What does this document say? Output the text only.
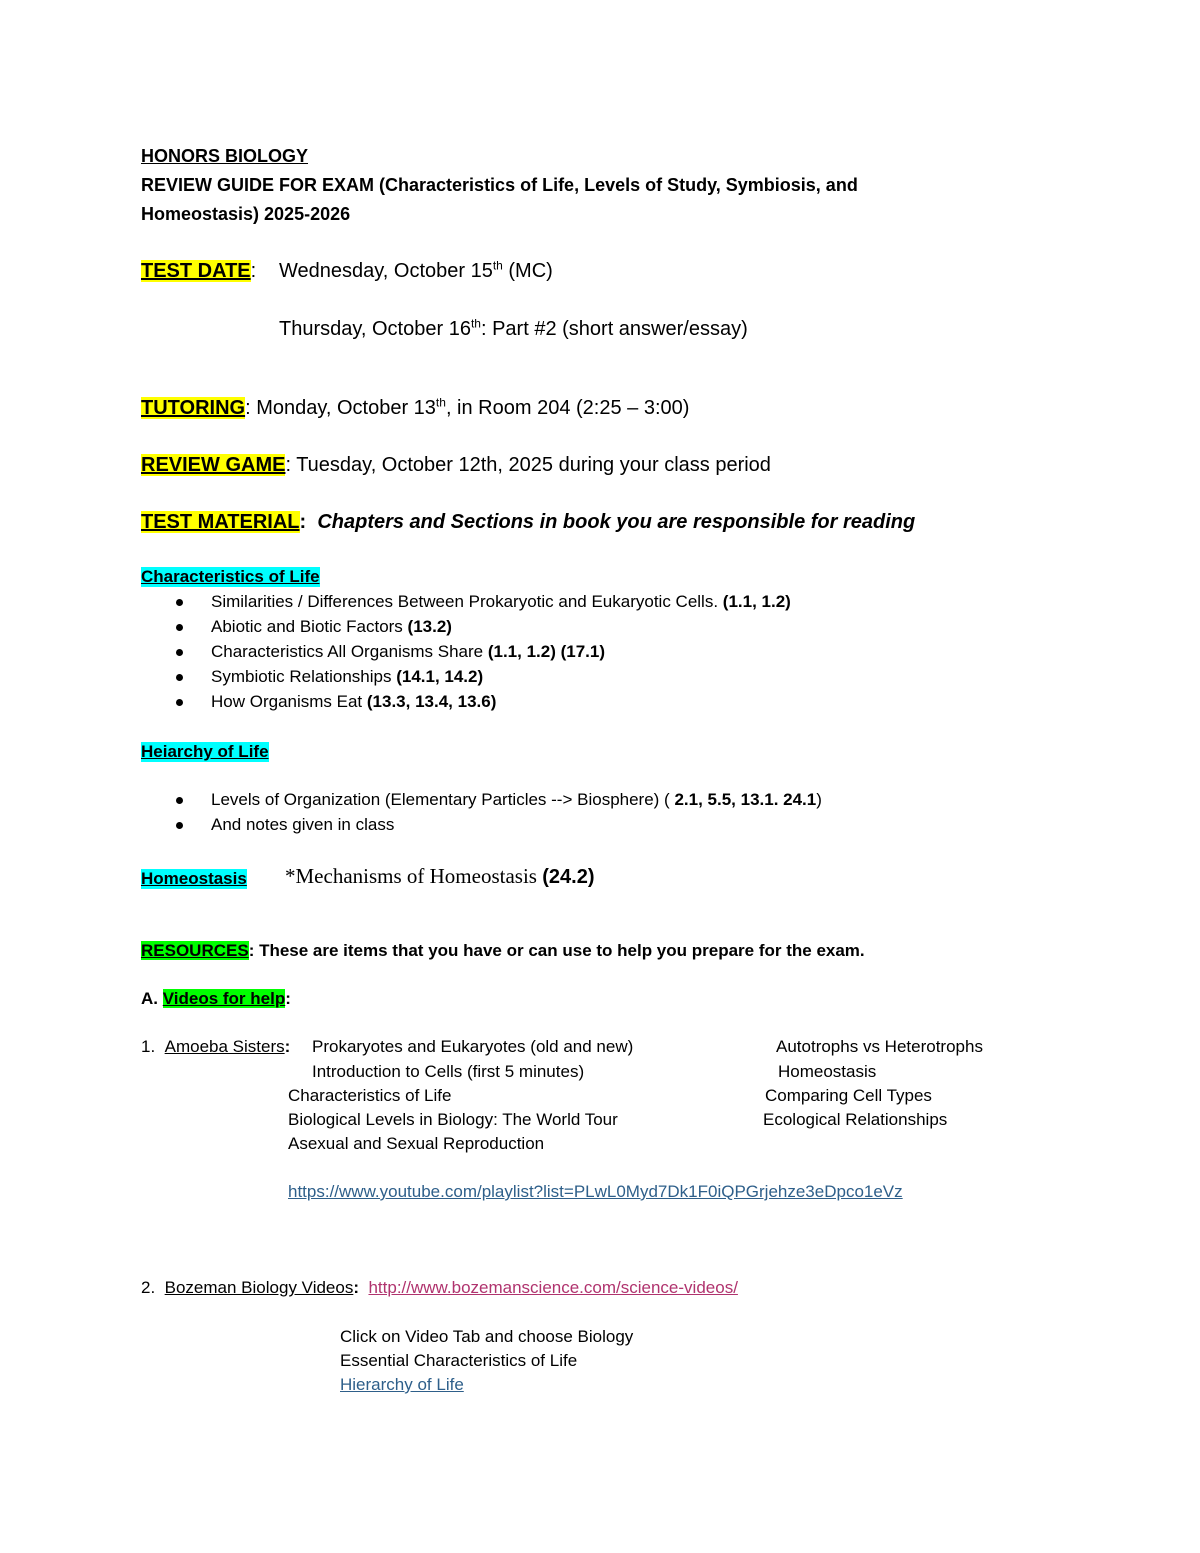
HONORS BIOLOGY
REVIEW GUIDE FOR EXAM (Characteristics of Life, Levels of Study, Symbiosis, and
Homeostasis) 2025-2026
TEST DATE: Wednesday, October 15th (MC)
Thursday, October 16th: Part #2 (short answer/essay)
TUTORING: Monday, October 13th, in Room 204 (2:25 – 3:00)
REVIEW GAME: Tuesday, October 12th, 2025 during your class period
TEST MATERIAL: Chapters and Sections in book you are responsible for reading
Characteristics of Life
Similarities / Differences Between Prokaryotic and Eukaryotic Cells. (1.1, 1.2)
Abiotic and Biotic Factors (13.2)
Characteristics All Organisms Share (1.1, 1.2) (17.1)
Symbiotic Relationships (14.1, 14.2)
How Organisms Eat (13.3, 13.4, 13.6)
Heiarchy of Life
Levels of Organization (Elementary Particles --> Biosphere) ( 2.1, 5.5, 13.1. 24.1)
And notes given in class
Homeostasis *Mechanisms of Homeostasis (24.2)
RESOURCES: These are items that you have or can use to help you prepare for the exam.
A. Videos for help:
1. Amoeba Sisters: Prokaryotes and Eukaryotes (old and new)
Introduction to Cells (first 5 minutes)
Characteristics of Life
Biological Levels in Biology: The World Tour
Asexual and Sexual Reproduction
Autotrophs vs Heterotrophs
Homeostasis
Comparing Cell Types
Ecological Relationships
https://www.youtube.com/playlist?list=PLwL0Myd7Dk1F0iQPGrjehze3eDpco1eVz
2. Bozeman Biology Videos: http://www.bozemanscience.com/science-videos/
Click on Video Tab and choose Biology
Essential Characteristics of Life
Hierarchy of Life
